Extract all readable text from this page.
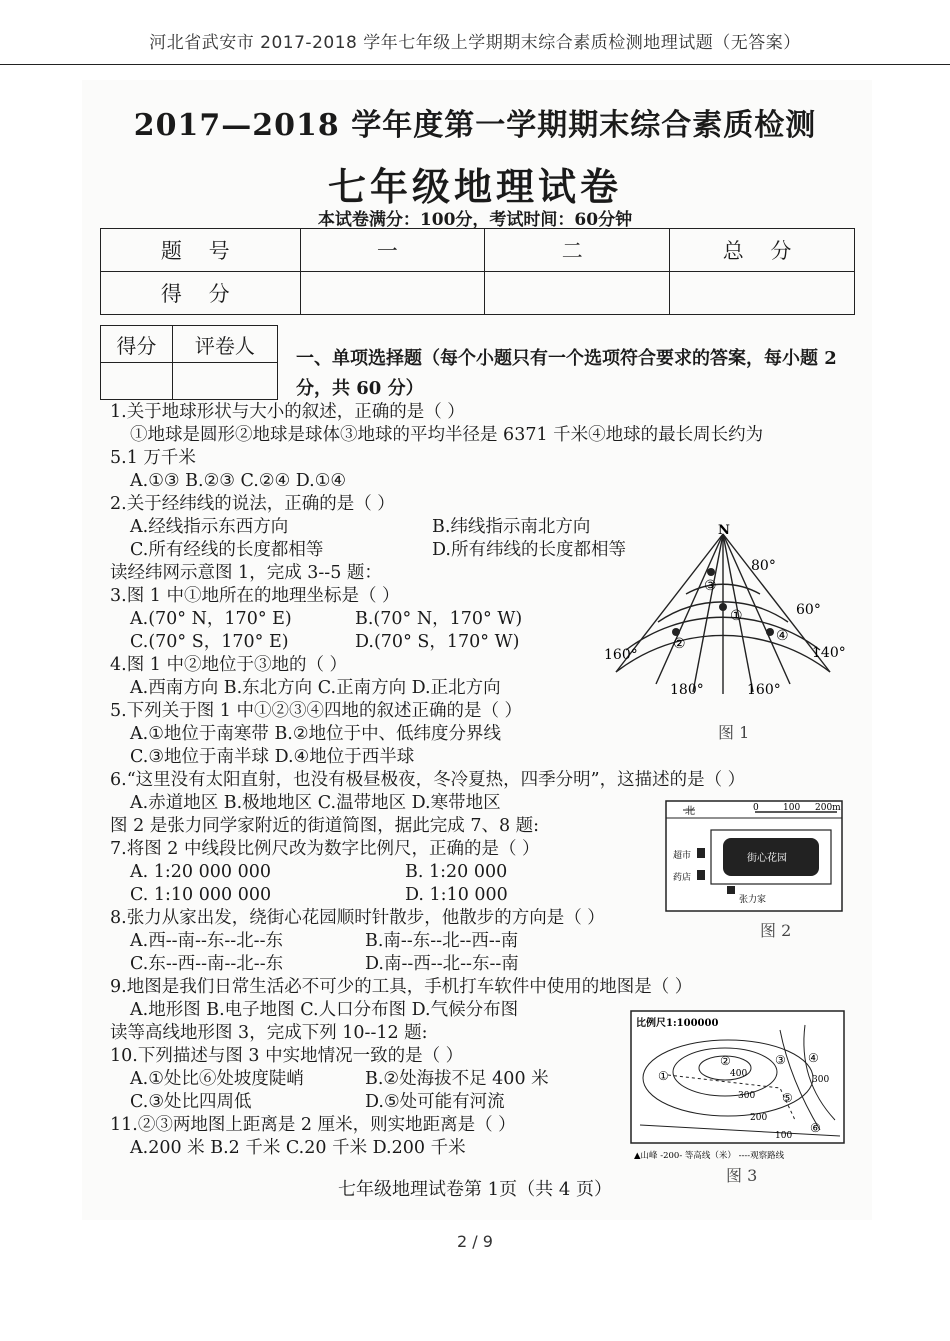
河北省武安市 2017-2018 学年七年级上学期期末综合素质检测地理试题（无答案）
2017—2018 学年度第一学期期末综合素质检测
七年级地理试卷
本试卷满分：100分，考试时间：60分钟
题 号	一	二	总 分
得 分			
得分	评卷人

一、单项选择题（每个小题只有一个选项符合要求的答案，每小题 2 分，共 60 分）
1.关于地球形状与大小的叙述，正确的是（ ）
①地球是圆形②地球是球体③地球的平均半径是 6371 千米④地球的最长周长约为
5.1 万千米
A.①③ B.②③ C.②④ D.①④
2.关于经纬线的说法，正确的是（ ）
A.经线指示东西方向	B.纬线指示南北方向
C.所有经线的长度都相等	D.所有纬线的长度都相等
读经纬网示意图 1，完成 3--5 题：
3.图 1 中①地所在的地理坐标是（ ）
A.(70° N，170° E)	B.(70° N，170° W)
C.(70° S，170° E)	D.(70° S，170° W)
4.图 1 中②地位于③地的（ ）
A.西南方向 B.东北方向 C.正南方向 D.正北方向
5.下列关于图 1 中①②③④四地的叙述正确的是（ ）
A.①地位于南寒带 B.②地位于中、低纬度分界线
C.③地位于南半球 D.④地位于西半球
6.“这里没有太阳直射，也没有极昼极夜，冬冷夏热，四季分明”，这描述的是（ ）
A.赤道地区 B.极地地区 C.温带地区 D.寒带地区
图 2 是张力同学家附近的街道简图，据此完成 7、8 题:
7.将图 2 中线段比例尺改为数字比例尺，正确的是（ ）
A. 1:20 000 000	B. 1:20 000
C. 1:10 000 000	D. 1:10 000
8.张力从家出发，绕街心花园顺时针散步，他散步的方向是（ ）
A.西--南--东--北--东	B.南--东--北--西--南
C.东--西--南--北--东	D.南--西--北--东--南
9.地图是我们日常生活必不可少的工具，手机打车软件中使用的地图是（ ）
A.地形图 B.电子地图 C.人口分布图 D.气候分布图
读等高线地形图 3，完成下列 10--12 题:
10.下列描述与图 3 中实地情况一致的是（ ）
A.①处比⑥处坡度陡峭	B.②处海拔不足 400 米
C.③处比四周低	D.⑤处可能有河流
11.②③两地图上距离是 2 厘米，则实地距离是（ ）
A.200 米 B.2 千米 C.20 千米 D.200 千米
N
①
②
③
④
80°
60°
160°	140°
180°	160°
图 1
北	0	100 200m
街心花园
超市
药店
张力家
图 2
比例尺1:100000
①
②	③ ④
⑤
⑥
400
300
300
200
100
▲山峰 -200- 等高线（米） ----观察路线
图 3
七年级地理试卷第 1页（共 4 页）
2 / 9
